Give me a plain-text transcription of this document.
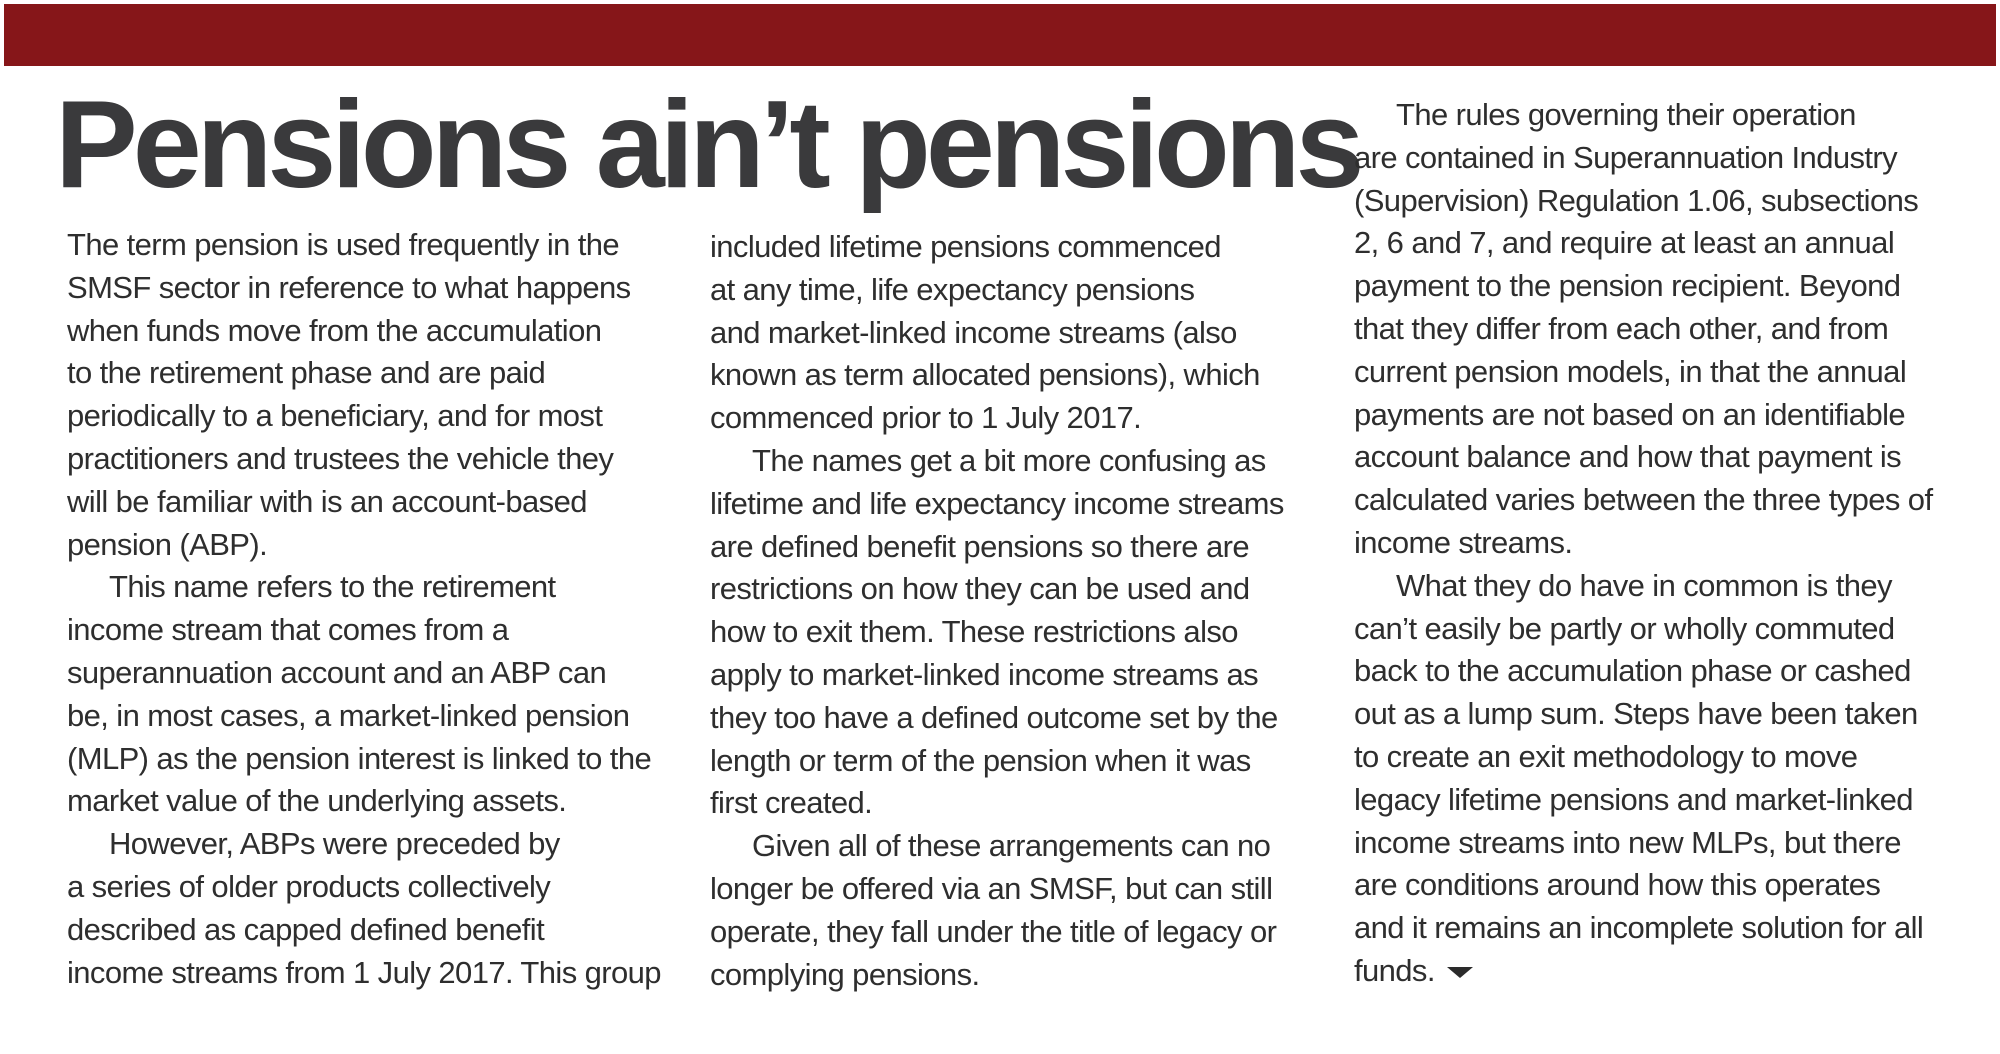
Pensions ain’t pensions
The term pension is used frequently in the
SMSF sector in reference to what happens
when funds move from the accumulation
to the retirement phase and are paid
periodically to a beneficiary, and for most
practitioners and trustees the vehicle they
will be familiar with is an account-based
pension (ABP).
This name refers to the retirement
income stream that comes from a
superannuation account and an ABP can
be, in most cases, a market-linked pension
(MLP) as the pension interest is linked to the
market value of the underlying assets.
However, ABPs were preceded by
a series of older products collectively
described as capped defined benefit
income streams from 1 July 2017. This group
included lifetime pensions commenced
at any time, life expectancy pensions
and market-linked income streams (also
known as term allocated pensions), which
commenced prior to 1 July 2017.
The names get a bit more confusing as
lifetime and life expectancy income streams
are defined benefit pensions so there are
restrictions on how they can be used and
how to exit them. These restrictions also
apply to market-linked income streams as
they too have a defined outcome set by the
length or term of the pension when it was
first created.
Given all of these arrangements can no
longer be offered via an SMSF, but can still
operate, they fall under the title of legacy or
complying pensions.
The rules governing their operation
are contained in Superannuation Industry
(Supervision) Regulation 1.06, subsections
2, 6 and 7, and require at least an annual
payment to the pension recipient. Beyond
that they differ from each other, and from
current pension models, in that the annual
payments are not based on an identifiable
account balance and how that payment is
calculated varies between the three types of
income streams.
What they do have in common is they
can’t easily be partly or wholly commuted
back to the accumulation phase or cashed
out as a lump sum. Steps have been taken
to create an exit methodology to move
legacy lifetime pensions and market-linked
income streams into new MLPs, but there
are conditions around how this operates
and it remains an incomplete solution for all
funds.
